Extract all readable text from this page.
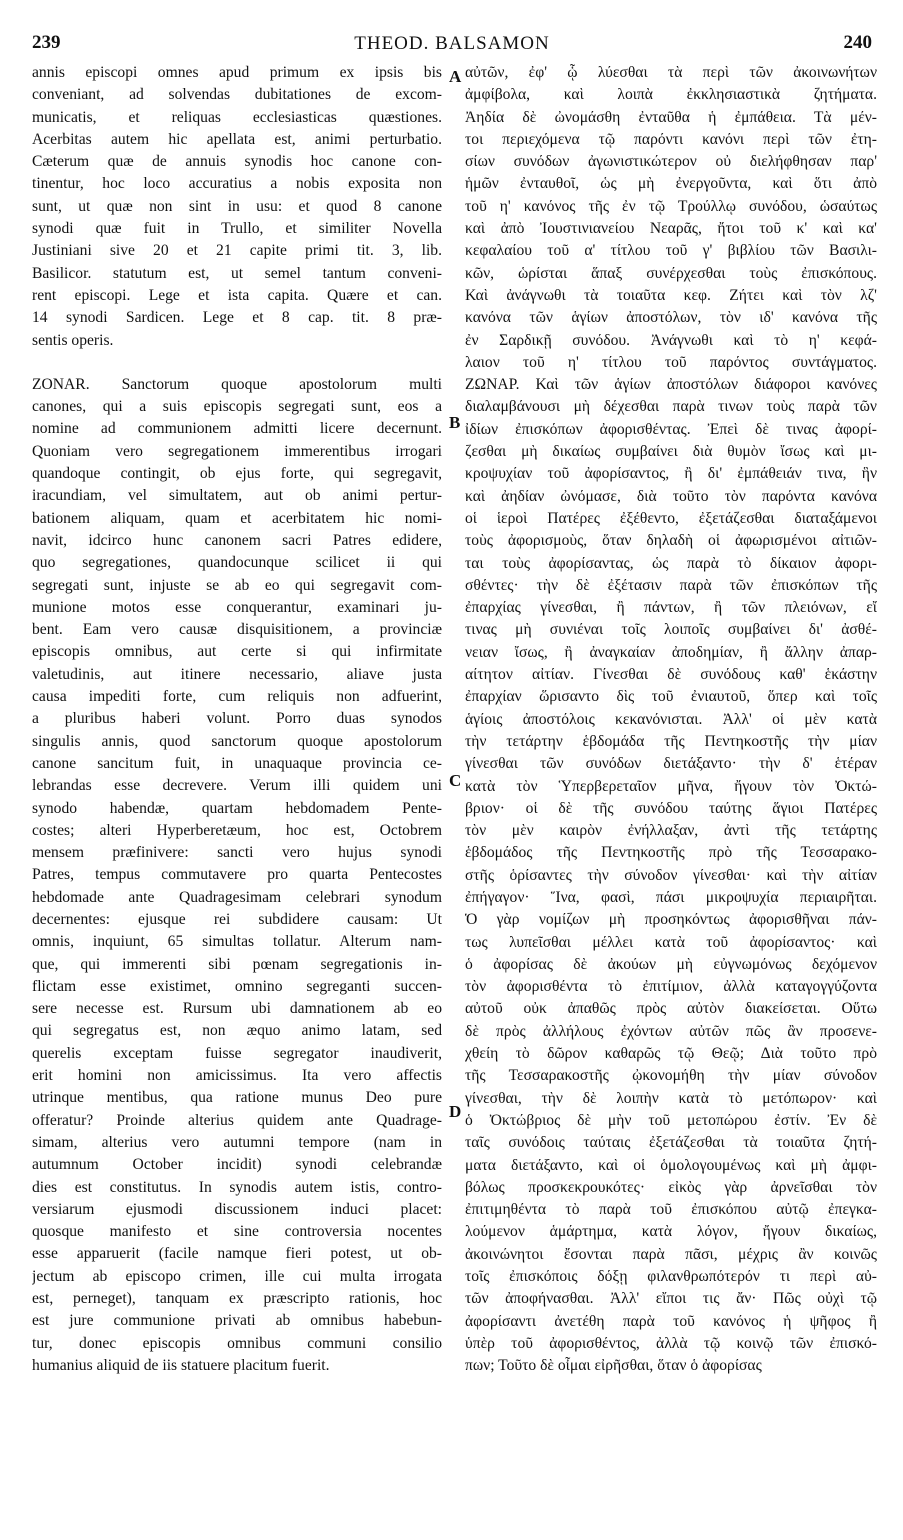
239	THEOD. BALSAMON	240
A
B
C
D
annis episcopi omnes apud primum ex ipsis bis
conveniant, ad solvendas dubitationes de excom-
municatis, et reliquas ecclesiasticas quæstiones.
Acerbitas autem hic apellata est, animi perturbatio.
Cæterum quæ de annuis synodis hoc canone con-
tinentur, hoc loco accuratius a nobis exposita non
sunt, ut quæ non sint in usu: et quod 8 canone
synodi quæ fuit in Trullo, et similiter Novella
Justiniani sive 20 et 21 capite primi tit. 3, lib.
Basilicor. statutum est, ut semel tantum conveni-
rent episcopi. Lege et ista capita. Quære et can.
14 synodi Sardicen. Lege et 8 cap. tit. 8 præ-
sentis operis.
ZONAR. Sanctorum quoque apostolorum multi
canones, qui a suis episcopis segregati sunt, eos a
nomine ad communionem admitti licere decernunt.
Quoniam vero segregationem immerentibus irrogari
quandoque contingit, ob ejus forte, qui segregavit,
iracundiam, vel simultatem, aut ob animi pertur-
bationem aliquam, quam et acerbitatem hic nomi-
navit, idcirco hunc canonem sacri Patres edidere,
quo segregationes, quandocunque scilicet ii qui
segregati sunt, injuste se ab eo qui segregavit com-
munione motos esse conquerantur, examinari ju-
bent. Eam vero causæ disquisitionem, a provinciæ
episcopis omnibus, aut certe si qui infirmitate
valetudinis, aut itinere necessario, aliave justa
causa impediti forte, cum reliquis non adfuerint,
a pluribus haberi volunt. Porro duas synodos
singulis annis, quod sanctorum quoque apostolorum
canone sancitum fuit, in unaquaque provincia ce-
lebrandas esse decrevere. Verum illi quidem uni
synodo habendæ, quartam hebdomadem Pente-
costes; alteri Hyperberetæum, hoc est, Octobrem
mensem præfinivere: sancti vero hujus synodi
Patres, tempus commutavere pro quarta Pentecostes
hebdomade ante Quadragesimam celebrari synodum
decernentes: ejusque rei subdidere causam: Ut
omnis, inquiunt, 65 simultas tollatur. Alterum nam-
que, qui immerenti sibi pœnam segregationis in-
flictam esse existimet, omnino segreganti succen-
sere necesse est. Rursum ubi damnationem ab eo
qui segregatus est, non æquo animo latam, sed
querelis exceptam fuisse segregator inaudiverit,
erit homini non amicissimus. Ita vero affectis
utrinque mentibus, qua ratione munus Deo pure
offeratur? Proinde alterius quidem ante Quadrage-
simam, alterius vero autumni tempore (nam in
autumnum October incidit) synodi celebrandæ
dies est constitutus. In synodis autem istis, contro-
versiarum ejusmodi discussionem induci placet:
quosque manifesto et sine controversia nocentes
esse apparuerit (facile namque fieri potest, ut ob-
jectum ab episcopo crimen, ille cui multa irrogata
est, perneget), tanquam ex præscripto rationis, hoc
est jure communione privati ab omnibus habebun-
tur, donec episcopis omnibus communi consilio
humanius aliquid de iis statuere placitum fuerit.
αὐτῶν, ἐφ' ᾧ λύεσθαι τὰ περὶ τῶν ἀκοινωνήτων
ἀμφίβολα, καὶ λοιπὰ ἐκκλησιαστικὰ ζητήματα.
Ἀηδία δὲ ὠνομάσθη ἐνταῦθα ἡ ἐμπάθεια. Τὰ μέν-
τοι περιεχόμενα τῷ παρόντι κανόνι περὶ τῶν ἐτη-
σίων συνόδων ἀγωνιστικώτερον οὐ διελήφθησαν παρ'
ἡμῶν ἐνταυθοῖ, ὡς μὴ ἐνεργοῦντα, καὶ ὅτι ἀπὸ
τοῦ η' κανόνος τῆς ἐν τῷ Τρούλλῳ συνόδου, ὡσαύτως
καὶ ἀπὸ Ἰουστινιανείου Νεαρᾶς, ἤτοι τοῦ κ' καὶ κα'
κεφαλαίου τοῦ α' τίτλου τοῦ γ' βιβλίου τῶν Βασιλι-
κῶν, ὡρίσται ἅπαξ συνέρχεσθαι τοὺς ἐπισκόπους.
Καὶ ἀνάγνωθι τὰ τοιαῦτα κεφ. Ζήτει καὶ τὸν λζ'
κανόνα τῶν ἁγίων ἀποστόλων, τὸν ιδ' κανόνα τῆς
ἐν Σαρδικῇ συνόδου. Ἀνάγνωθι καὶ τὸ η' κεφά-
λαιον τοῦ η' τίτλου τοῦ παρόντος συντάγματος.
ΖΩΝΑΡ. Καὶ τῶν ἁγίων ἀποστόλων διάφοροι κανόνες
διαλαμβάνουσι μὴ δέχεσθαι παρὰ τινων τοὺς παρὰ τῶν
ἰδίων ἐπισκόπων ἀφορισθέντας. Ἐπεὶ δὲ τινας ἀφορί-
ζεσθαι μὴ δικαίως συμβαίνει διὰ θυμὸν ἴσως καὶ μι-
κροψυχίαν τοῦ ἀφορίσαντος, ἢ δι' ἐμπάθειάν τινα, ἣν
καὶ ἀηδίαν ὠνόμασε, διὰ τοῦτο τὸν παρόντα κανόνα
οἱ ἱεροὶ Πατέρες ἐξέθεντο, ἐξετάζεσθαι διαταξάμενοι
τοὺς ἀφορισμοὺς, ὅταν δηλαδὴ οἱ ἀφωρισμένοι αἰτιῶν-
ται τοὺς ἀφορίσαντας, ὡς παρὰ τὸ δίκαιον ἀφορι-
σθέντες· τὴν δὲ ἐξέτασιν παρὰ τῶν ἐπισκόπων τῆς
ἐπαρχίας γίνεσθαι, ἢ πάντων, ἢ τῶν πλειόνων, εἴ
τινας μὴ συνιέναι τοῖς λοιποῖς συμβαίνει δι' ἀσθέ-
νειαν ἴσως, ἢ ἀναγκαίαν ἀποδημίαν, ἢ ἄλλην ἀπαρ-
αίτητον αἰτίαν. Γίνεσθαι δὲ συνόδους καθ' ἑκάστην
ἐπαρχίαν ὥρισαντο δὶς τοῦ ἐνιαυτοῦ, ὅπερ καὶ τοῖς
ἁγίοις ἀποστόλοις κεκανόνισται. Ἀλλ' οἱ μὲν κατὰ
τὴν τετάρτην ἑβδομάδα τῆς Πεντηκοστῆς τὴν μίαν
γίνεσθαι τῶν συνόδων διετάξαντο· τὴν δ' ἑτέραν
κατὰ τὸν Ὑπερβερεταῖον μῆνα, ἤγουν τὸν Ὀκτώ-
βριον· οἱ δὲ τῆς συνόδου ταύτης ἅγιοι Πατέρες
τὸν μὲν καιρὸν ἐνήλλαξαν, ἀντὶ τῆς τετάρτης
ἑβδομάδος τῆς Πεντηκοστῆς πρὸ τῆς Τεσσαρακο-
στῆς ὁρίσαντες τὴν σύνοδον γίνεσθαι· καὶ τὴν αἰτίαν
ἐπήγαγον· Ἵνα, φασὶ, πάσι μικροψυχία περιαιρῆται.
Ὁ γὰρ νομίζων μὴ προσηκόντως ἀφορισθῆναι πάν-
τως λυπεῖσθαι μέλλει κατὰ τοῦ ἀφορίσαντος· καὶ
ὁ ἀφορίσας δὲ ἀκούων μὴ εὐγνωμόνως δεχόμενον
τὸν ἀφορισθέντα τὸ ἐπιτίμιον, ἀλλὰ καταγογγύζοντα
αὐτοῦ οὐκ ἀπαθῶς πρὸς αὐτὸν διακείσεται. Οὕτω
δὲ πρὸς ἀλλήλους ἐχόντων αὐτῶν πῶς ἂν προσενε-
χθείη τὸ δῶρον καθαρῶς τῷ Θεῷ; Διὰ τοῦτο πρὸ
τῆς Τεσσαρακοστῆς ᾠκονομήθη τὴν μίαν σύνοδον
γίνεσθαι, τὴν δὲ λοιπὴν κατὰ τὸ μετόπωρον· καὶ
ὁ Ὀκτώβριος δὲ μὴν τοῦ μετοπώρου ἐστίν. Ἐν δὲ
ταῖς συνόδοις ταύταις ἐξετάζεσθαι τὰ τοιαῦτα ζητή-
ματα διετάξαντο, καὶ οἱ ὁμολογουμένως καὶ μὴ ἀμφι-
βόλως προσκεκρουκότες· εἰκὸς γὰρ ἀρνεῖσθαι τὸν
ἐπιτιμηθέντα τὸ παρὰ τοῦ ἐπισκόπου αὐτῷ ἐπεγκα-
λούμενον ἁμάρτημα, κατὰ λόγον, ἤγουν δικαίως,
ἀκοινώνητοι ἔσονται παρὰ πᾶσι, μέχρις ἂν κοινῶς
τοῖς ἐπισκόποις δόξῃ φιλανθρωπότερόν τι περὶ αὐ-
τῶν ἀποφήνασθαι. Ἀλλ' εἴποι τις ἄν· Πῶς οὐχὶ τῷ
ἀφορίσαντι ἀνετέθη παρὰ τοῦ κανόνος ἡ ψῆφος ἢ
ὑπὲρ τοῦ ἀφορισθέντος, ἀλλὰ τῷ κοινῷ τῶν ἐπισκό-
πων; Τοῦτο δὲ οἶμαι εἰρῆσθαι, ὅταν ὁ ἀφορίσας
